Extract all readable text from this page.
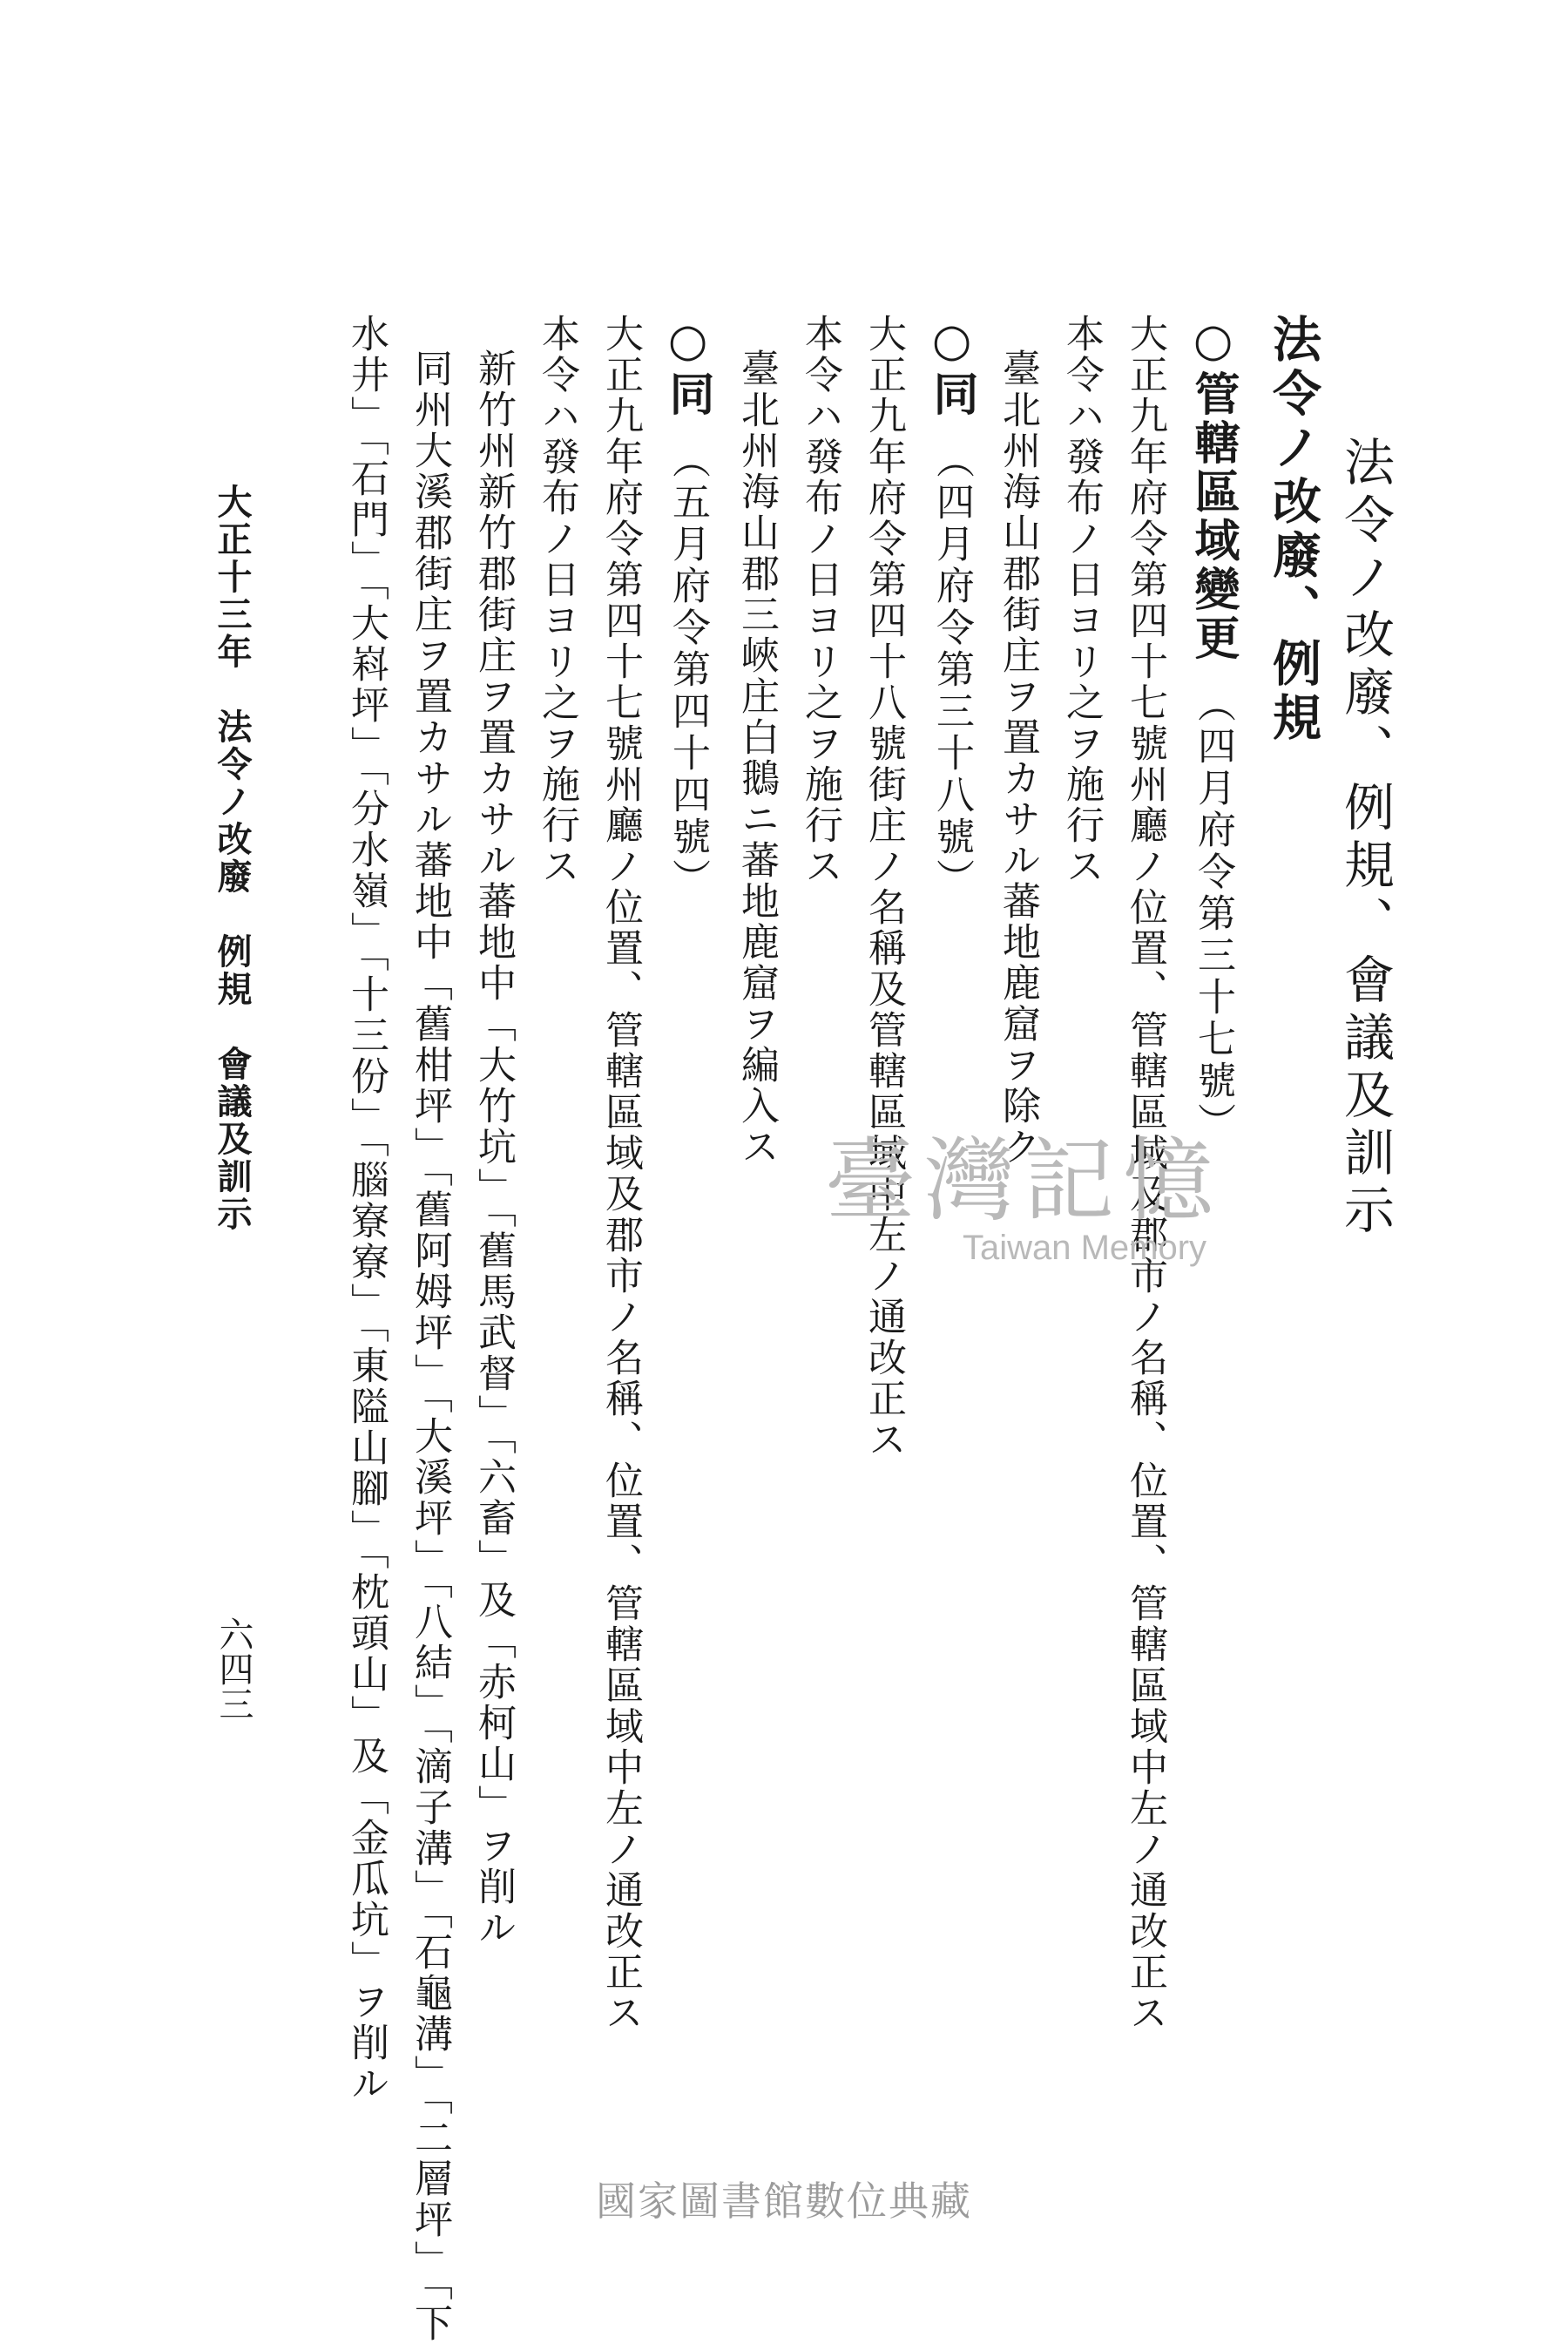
法令ノ改廢、例規、會議及訓示
法令ノ改廢、例規
○管轄區域變更（四月府令第三十七號）
大正九年府令第四十七號州廳ノ位置、管轄區域及郡市ノ名稱、位置、管轄區域中左ノ通改正ス
本令ハ發布ノ日ヨリ之ヲ施行ス
臺北州海山郡街庄ヲ置カサル蕃地鹿窟ヲ除ク
○同（四月府令第三十八號）
大正九年府令第四十八號街庄ノ名稱及管轄區域中左ノ通改正ス
本令ハ發布ノ日ヨリ之ヲ施行ス
臺北州海山郡三峽庄白鵝ニ蕃地鹿窟ヲ編入ス
○同（五月府令第四十四號）
大正九年府令第四十七號州廳ノ位置、管轄區域及郡市ノ名稱、位置、管轄區域中左ノ通改正ス
本令ハ發布ノ日ヨリ之ヲ施行ス
新竹州新竹郡街庄ヲ置カサル蕃地中「大竹坑」「舊馬武督」「六畜」及「赤柯山」ヲ削ル
同州大溪郡街庄ヲ置カサル蕃地中「舊柑坪」「舊阿姆坪」「大溪坪」「八結」「滴子溝」「石龜溝」「二層坪」「下
水井」「石門」「大嵙坪」「分水嶺」「十三份」「腦寮寮」「東隘山腳」「枕頭山」及「金瓜坑」ヲ削ル
大正十三年　法令ノ改廢　例規　會議及訓示
六四三
臺灣記憶
Taiwan Memory
國家圖書館數位典藏
